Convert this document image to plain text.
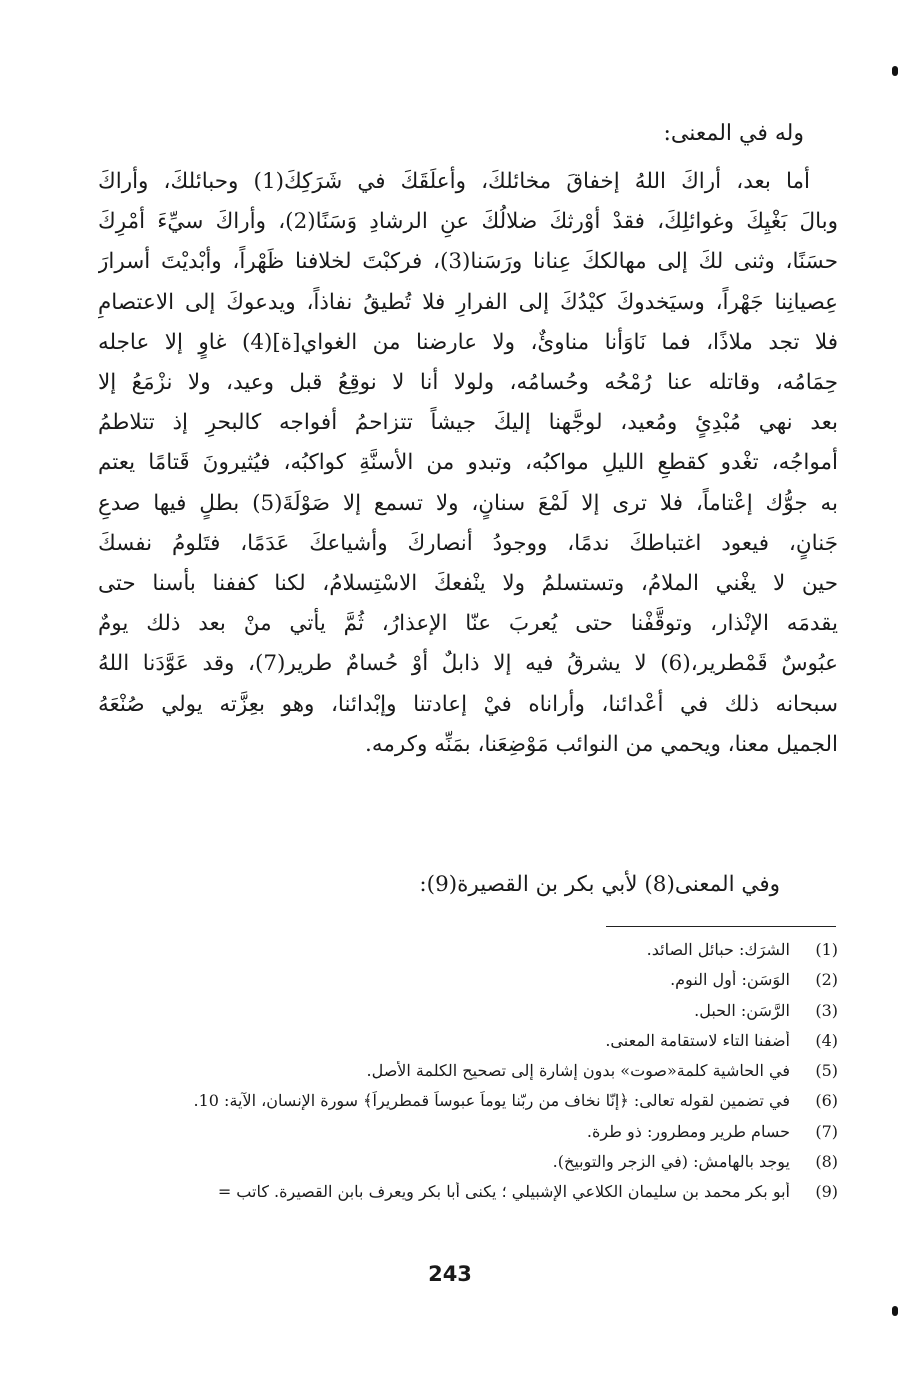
وله في المعنى:
أما بعد، أراكَ اللهُ إخفاقَ مخائلكَ، وأعلَقَكَ في شَرَكِكَ(1) وحبائلكَ، وأراكَ
وبالَ بَغْيِكَ وغوائلِكَ، فقدْ أوْرثكَ ضلالُكَ عنِ الرشادِ وَسَنًا(2)، وأراكَ سيِّءَ أمْرِكَ
حسَنًا، وثنى لكَ إلى مهالككَ عِنانا ورَسَنا(3)، فركبْتَ لخلافنا ظَهْراً، وأبْديْتَ أسرارَ
عِصيانِنا جَهْراً، وسيَخدوكَ كيْدُكَ إلى الفرارِ فلا تُطيقُ نفاذاً، ويدعوكَ إلى الاعتصامِ
فلا تجد ملاذًا، فما نَاوَأنا مناوئٌ، ولا عارضنا من الغواي[ة](4) غاوٍ إلا عاجله
حِمَامُه، وقاتله عنا رُمْحُه وحُسامُه، ولولا أنا لا نوقِعُ قبل وعيد، ولا نزْمَعُ إلا
بعد نهي مُبْدِئٍ ومُعيد، لوجَّهنا إليكَ جيشاً تتزاحمُ أفواجه كالبحرِ إذ تتلاطمُ
أمواجُه، تغْدو كقطعِ الليلِ مواكبُه، وتبدو من الأسنَّةِ كواكبُه، فيُثيرونَ قَتامًا يعتم
به جوُّك إعْتاماً، فلا ترى إلا لَمْعَ سنانٍ، ولا تسمع إلا صَوْلَةَ(5) بطلٍ فيها صدعِ
جَنانٍ، فيعود اغتباطكَ ندمًا، ووجودُ أنصاركَ وأشياعكَ عَدَمًا، فتَلومُ نفسكَ
حين لا يغْني الملامُ، وتستسلمُ ولا ينْفعكَ الاسْتِسلامُ، لكنا كففنا بأسنا حتى
يقدمَه الإنْذار، وتوقَّفْنا حتى يُعربَ عنّا الإعذارُ، ثُمَّ يأتي منْ بعد ذلك يومٌ
عبُوسٌ قَمْطرير،(6) لا يشرقُ فيه إلا ذابلٌ أوْ حُسامٌ طرير(7)، وقد عَوَّدَنا اللهُ
سبحانه ذلك في أعْدائنا، وأراناه فيْ إعادتنا وإبْدائنا، وهو بعِزَّته يولي صُنْعَهُ
الجميل معنا، ويحمي من النوائب مَوْضِعَنا، بمَنِّه وكرمه.
وفي المعنى(8) لأبي بكر بن القصيرة(9):
(1)
الشرَك: حبائل الصائد.
(2)
الوَسَن: أول النوم.
(3)
الرَّسَن: الحبل.
(4)
أضفنا التاء لاستقامة المعنى.
(5)
في الحاشية كلمة«صوت» بدون إشارة إلى تصحيح الكلمة الأصل.
(6)
في تضمين لقوله تعالى: ﴿إنّا نخاف من ربّنا يوماً عبوساً قمطريراً﴾ سورة الإنسان، الآية: 10.
(7)
حسام طرير ومطرور: ذو طرة.
(8)
يوجد بالهامش: (في الزجر والتوبيخ).
(9)
أبو بكر محمد بن سليمان الكلاعي الإشبيلي ؛ يكنى أبا بكر ويعرف بابن القصيرة. كاتب =
243
